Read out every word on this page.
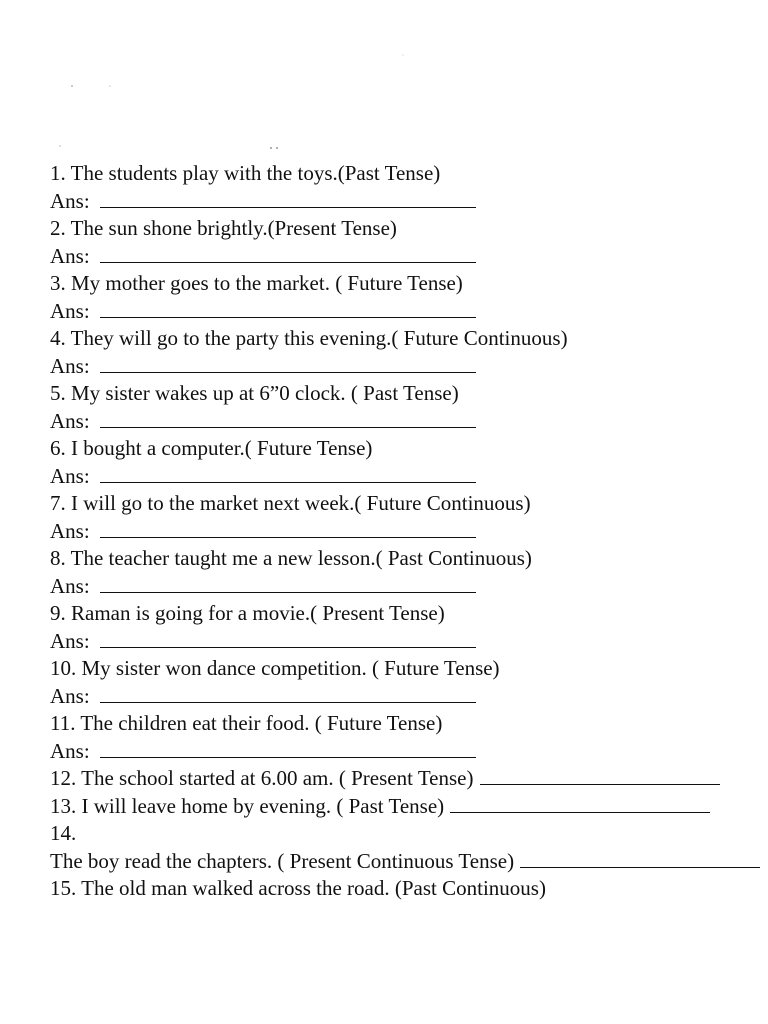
1. The students play with the toys.(Past Tense)
Ans:
2. The sun shone brightly.(Present Tense)
Ans:
3. My mother goes to the market. ( Future Tense)
Ans:
4. They will go to the party this evening.( Future Continuous)
Ans:
5. My sister wakes up at 6”0 clock. ( Past Tense)
Ans:
6. I bought a computer.( Future Tense)
Ans:
7. I will go to the market next week.( Future Continuous)
Ans:
8. The teacher taught me a new lesson.( Past Continuous)
Ans:
9. Raman is going for a movie.( Present Tense)
Ans:
10. My sister won dance competition. ( Future Tense)
Ans:
11. The children eat their food. ( Future Tense)
Ans:
12. The school started at 6.00 am. ( Present Tense)
13. I will leave home by evening. ( Past Tense)
14.
The boy read the chapters. ( Present Continuous Tense)
15. The old man walked across the road. (Past Continuous)
